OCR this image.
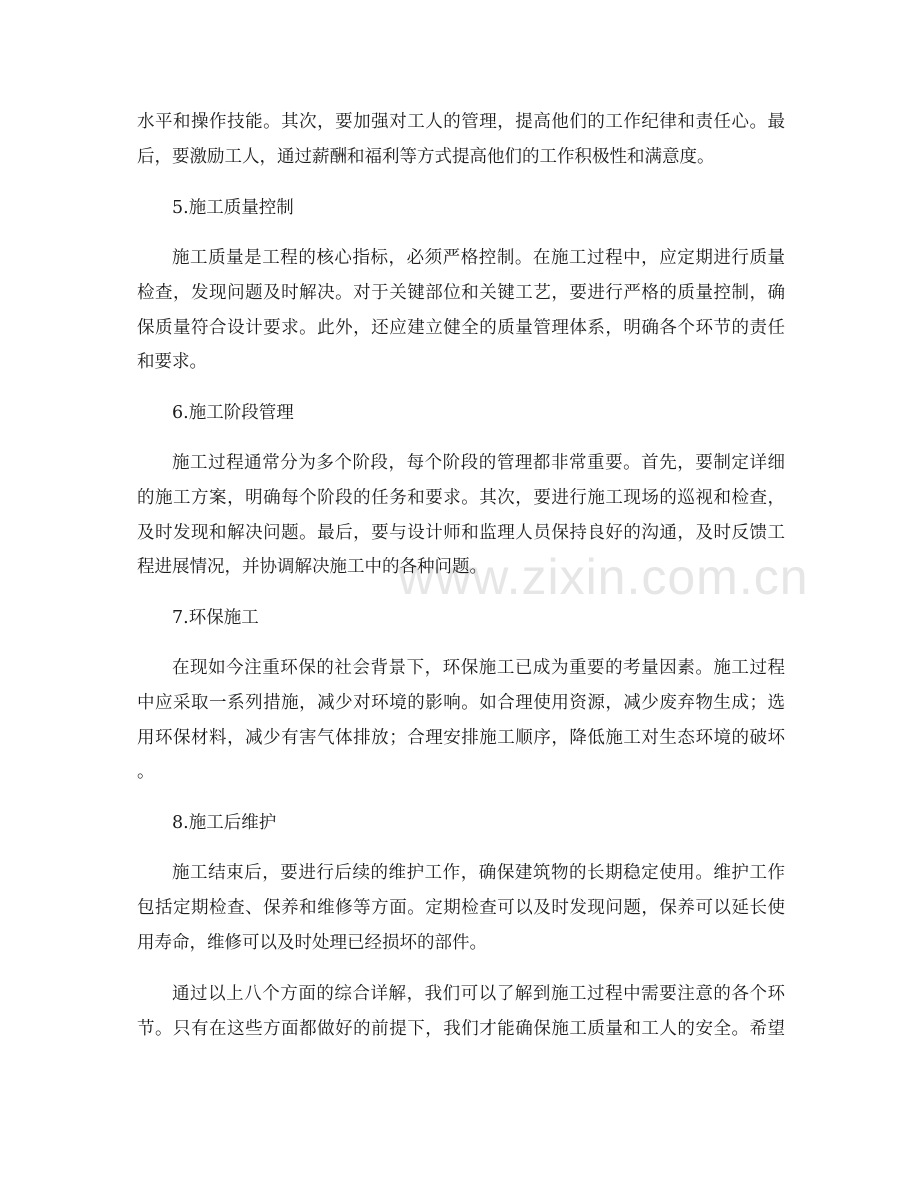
www.zixin.com.cn
水平和操作技能。其次，要加强对工人的管理，提高他们的工作纪律和责任心。最
后，要激励工人，通过薪酬和福利等方式提高他们的工作积极性和满意度。
5.施工质量控制
施工质量是工程的核心指标，必须严格控制。在施工过程中，应定期进行质量
检查，发现问题及时解决。对于关键部位和关键工艺，要进行严格的质量控制，确
保质量符合设计要求。此外，还应建立健全的质量管理体系，明确各个环节的责任
和要求。
6.施工阶段管理
施工过程通常分为多个阶段，每个阶段的管理都非常重要。首先，要制定详细
的施工方案，明确每个阶段的任务和要求。其次，要进行施工现场的巡视和检查，
及时发现和解决问题。最后，要与设计师和监理人员保持良好的沟通，及时反馈工
程进展情况，并协调解决施工中的各种问题。
7.环保施工
在现如今注重环保的社会背景下，环保施工已成为重要的考量因素。施工过程
中应采取一系列措施，减少对环境的影响。如合理使用资源，减少废弃物生成；选
用环保材料，减少有害气体排放；合理安排施工顺序，降低施工对生态环境的破坏
。
8.施工后维护
施工结束后，要进行后续的维护工作，确保建筑物的长期稳定使用。维护工作
包括定期检查、保养和维修等方面。定期检查可以及时发现问题，保养可以延长使
用寿命，维修可以及时处理已经损坏的部件。
通过以上八个方面的综合详解，我们可以了解到施工过程中需要注意的各个环
节。只有在这些方面都做好的前提下，我们才能确保施工质量和工人的安全。希望
